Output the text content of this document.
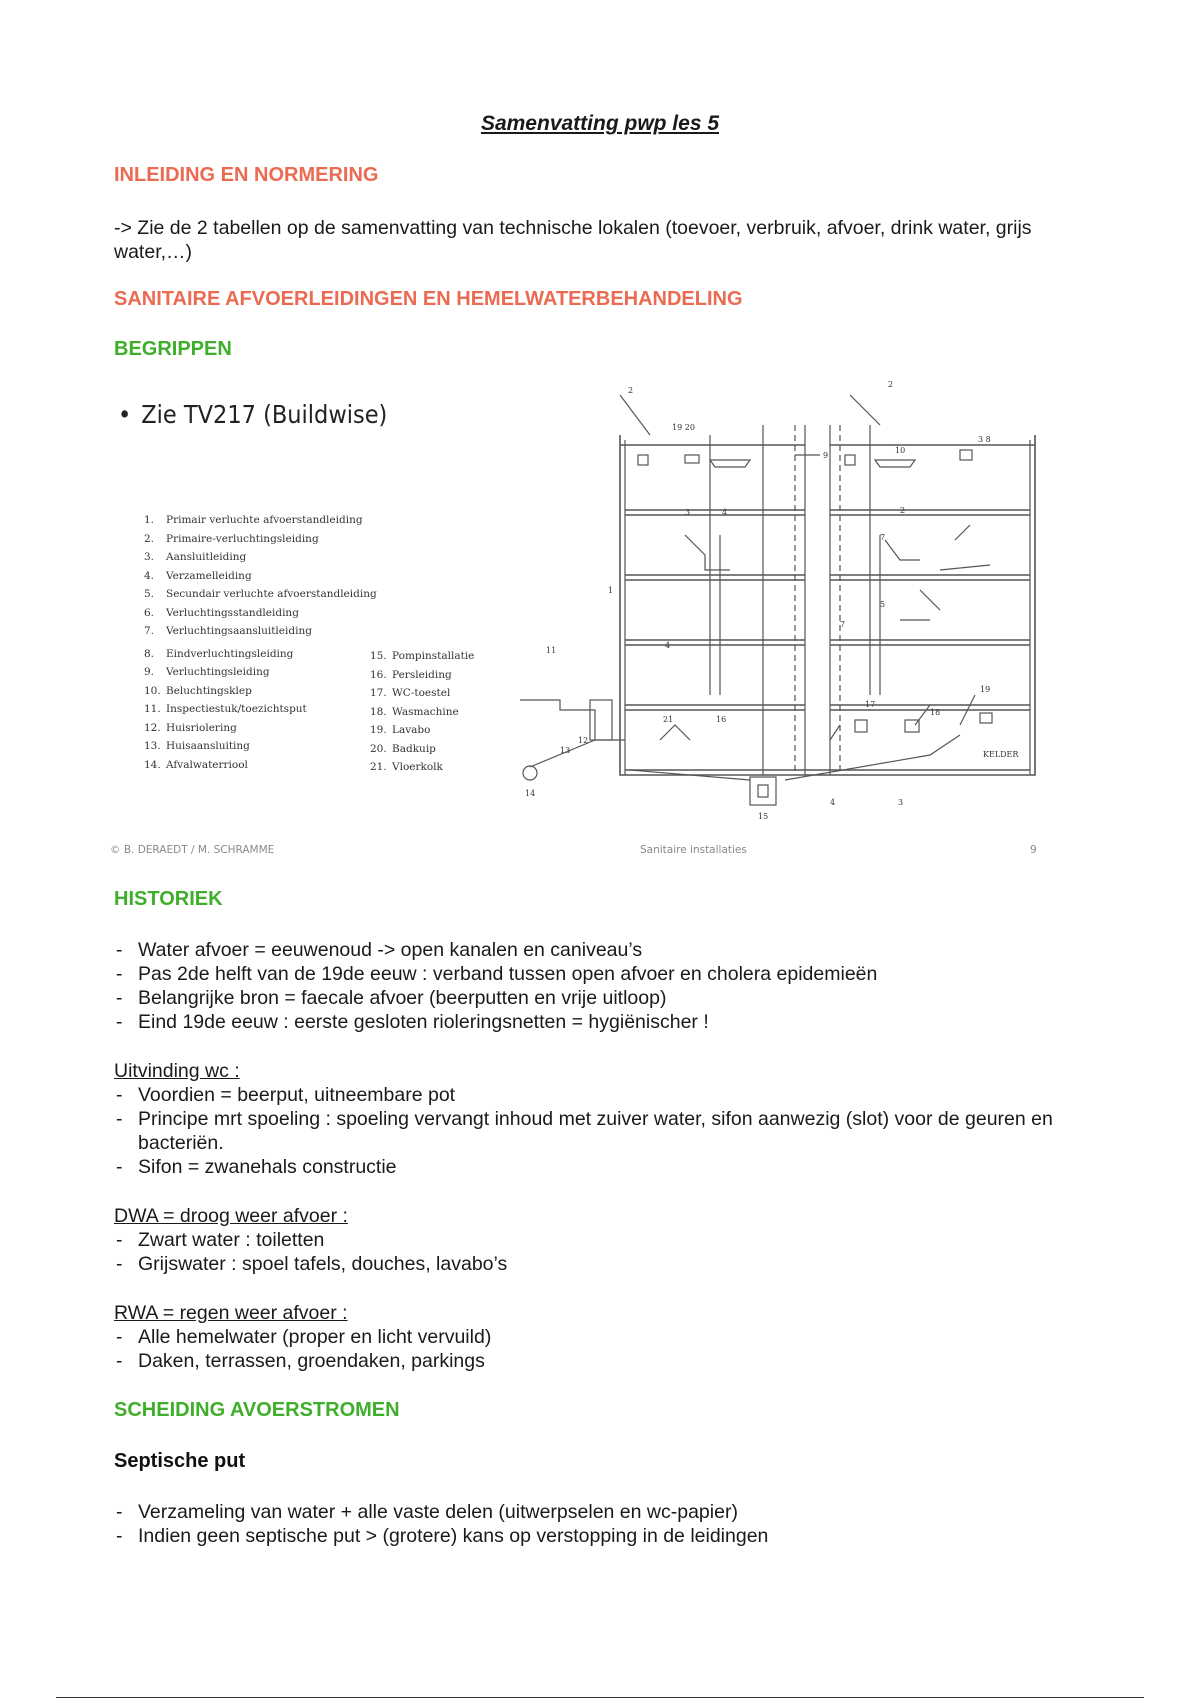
Samenvatting pwp les 5
INLEIDING EN NORMERING
-> Zie de 2 tabellen op de samenvatting van technische lokalen (toevoer, verbruik, afvoer, drink water, grijs water,…)
SANITAIRE AFVOERLEIDINGEN EN HEMELWATERBEHANDELING
BEGRIPPEN
• Zie TV217 (Buildwise)
1. Primair verluchte afvoerstandleiding
2. Primaire-verluchtingsleiding
3. Aansluitleiding
4. Verzamelleiding
5. Secundair verluchte afvoerstandleiding
6. Verluchtingsstandleiding
7. Verluchtingsaansluitleiding
8. Eindverluchtingsleiding
9. Verluchtingsleiding
10. Beluchtingsklep
11. Inspectiestuk/toezichtsput
12. Huisriolering
13. Huisaansluiting
14. Afvalwaterriool
15. Pompinstallatie
16. Persleiding
17. WC-toestel
18. Wasmachine
19. Lavabo
20. Badkuip
21. Vloerkolk
19 20
2
2
9
10
3 8
3	4
1
4
7
2
11
7
5
18
17
19
21	16
14
13
12
15
4	3
KELDER
© B. DERAEDT / M. SCHRAMME	Sanitaire installaties	9
HISTORIEK
- Water afvoer = eeuwenoud -> open kanalen en caniveau’s
- Pas 2de helft van de 19de eeuw : verband tussen open afvoer en cholera epidemieën
- Belangrijke bron = faecale afvoer (beerputten en vrije uitloop)
- Eind 19de eeuw : eerste gesloten rioleringsnetten = hygiënischer !
Uitvinding wc :
- Voordien = beerput, uitneembare pot
- Principe mrt spoeling : spoeling vervangt inhoud met zuiver water, sifon aanwezig (slot) voor de geuren en bacteriën.
- Sifon = zwanehals constructie
DWA = droog weer afvoer :
- Zwart water : toiletten
- Grijswater : spoel tafels, douches, lavabo’s
RWA = regen weer afvoer :
- Alle hemelwater (proper en licht vervuild)
- Daken, terrassen, groendaken, parkings
SCHEIDING AVOERSTROMEN
Septische put
- Verzameling van water + alle vaste delen (uitwerpselen en wc-papier)
- Indien geen septische put > (grotere) kans op verstopping in de leidingen
